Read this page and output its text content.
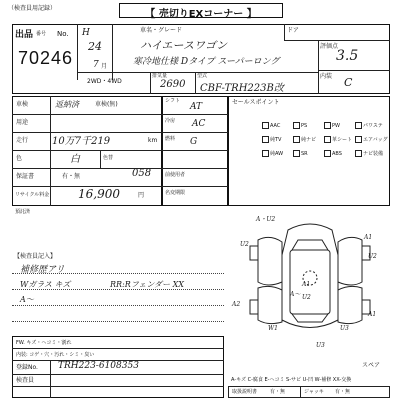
（検査員用記録）
【 売切りEXコーナー 】
出品 番号 No.
70246
H
24
7 月
車名・グレード
ハイエースワゴン
寒冷地仕様 Dタイプ スーパーロング
ドア
評価点
3.5
内装 C
2WD・4WD
排気量
2690
型式
CBF-TRH223B改
車検	返納済	車検(無)
用途
走行 10万7千219	km
色	白	色替
保証書	有・無	058
リサイクル料金 16,900	円
預託済
シフト
AT
冷房 AC
燃料 G
前使用者
名変期限
セールスポイント
AAC	PS	PW	パワステ
純TV	純ナビ	革シート	エアバッグ
純AW	SR	ABS	ナビ装備
【検査員記入】
補修歴アリ
Wガラス キズ
A～
RR:Rフェンダー XX
A・U2
A1
U2
A1
U2
U3
A2
A～
A1
U2
W1
U3
スペア
FW. キズ・ヘコミ・割れ
内装: コゲ・穴・汚れ・シミ・臭い
登録No. TRH223-6108353
検査員	A-キズ C-腐食 E-ヘコミ S-サビ U-凹 W-補修 XX-交換
取扱説明書	有・無	ジャッキ 有・無
